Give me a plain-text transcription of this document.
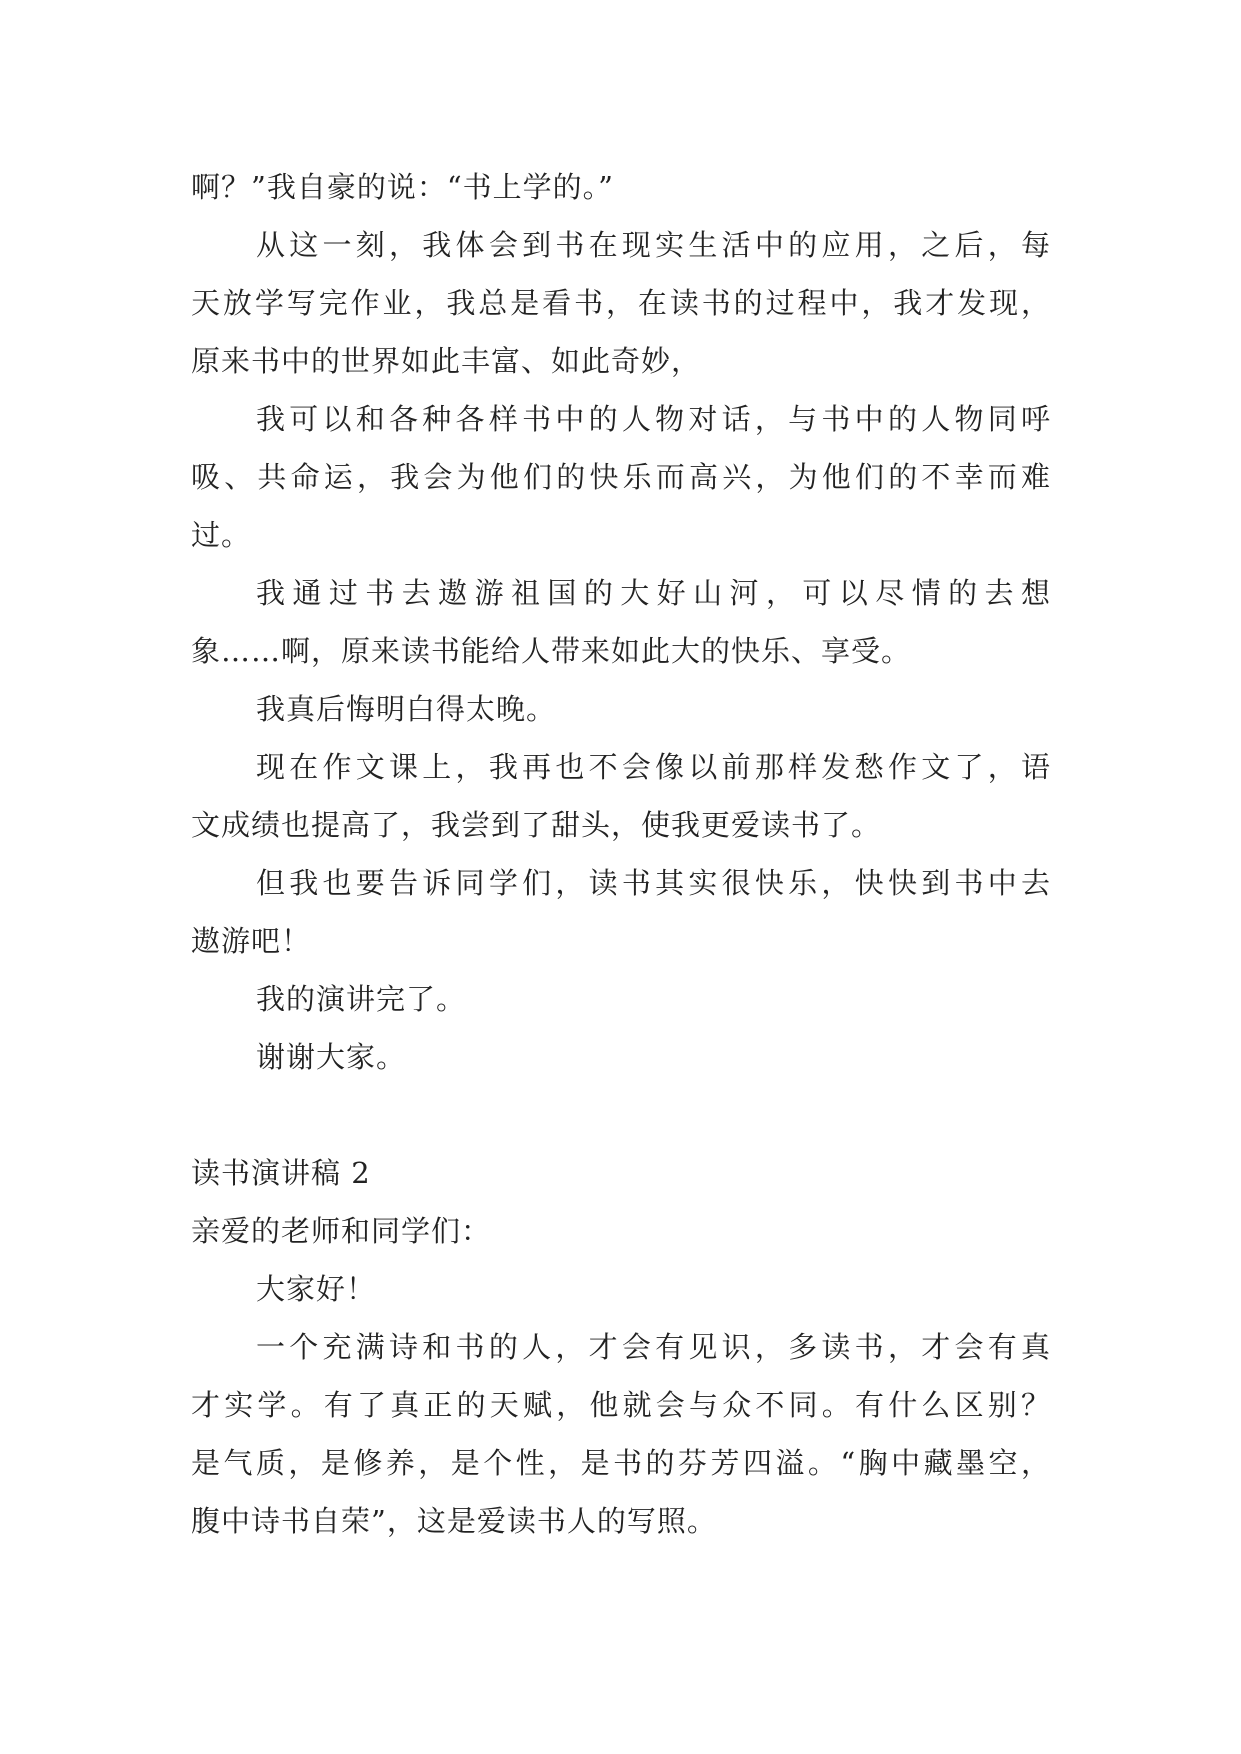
啊？”我自豪的说：“书上学的。”
从这一刻，我体会到书在现实生活中的应用，之后，每
天放学写完作业，我总是看书，在读书的过程中，我才发现，
原来书中的世界如此丰富、如此奇妙，
我可以和各种各样书中的人物对话，与书中的人物同呼
吸、共命运，我会为他们的快乐而高兴，为他们的不幸而难
过。
我通过书去遨游祖国的大好山河，可以尽情的去想
象……啊，原来读书能给人带来如此大的快乐、享受。
我真后悔明白得太晚。
现在作文课上，我再也不会像以前那样发愁作文了，语
文成绩也提高了，我尝到了甜头，使我更爱读书了。
但我也要告诉同学们，读书其实很快乐，快快到书中去
遨游吧！
我的演讲完了。
谢谢大家。
读书演讲稿 2
亲爱的老师和同学们：
大家好！
一个充满诗和书的人，才会有见识，多读书，才会有真
才实学。有了真正的天赋，他就会与众不同。有什么区别？
是气质，是修养，是个性，是书的芬芳四溢。“胸中藏墨空，
腹中诗书自荣”，这是爱读书人的写照。
